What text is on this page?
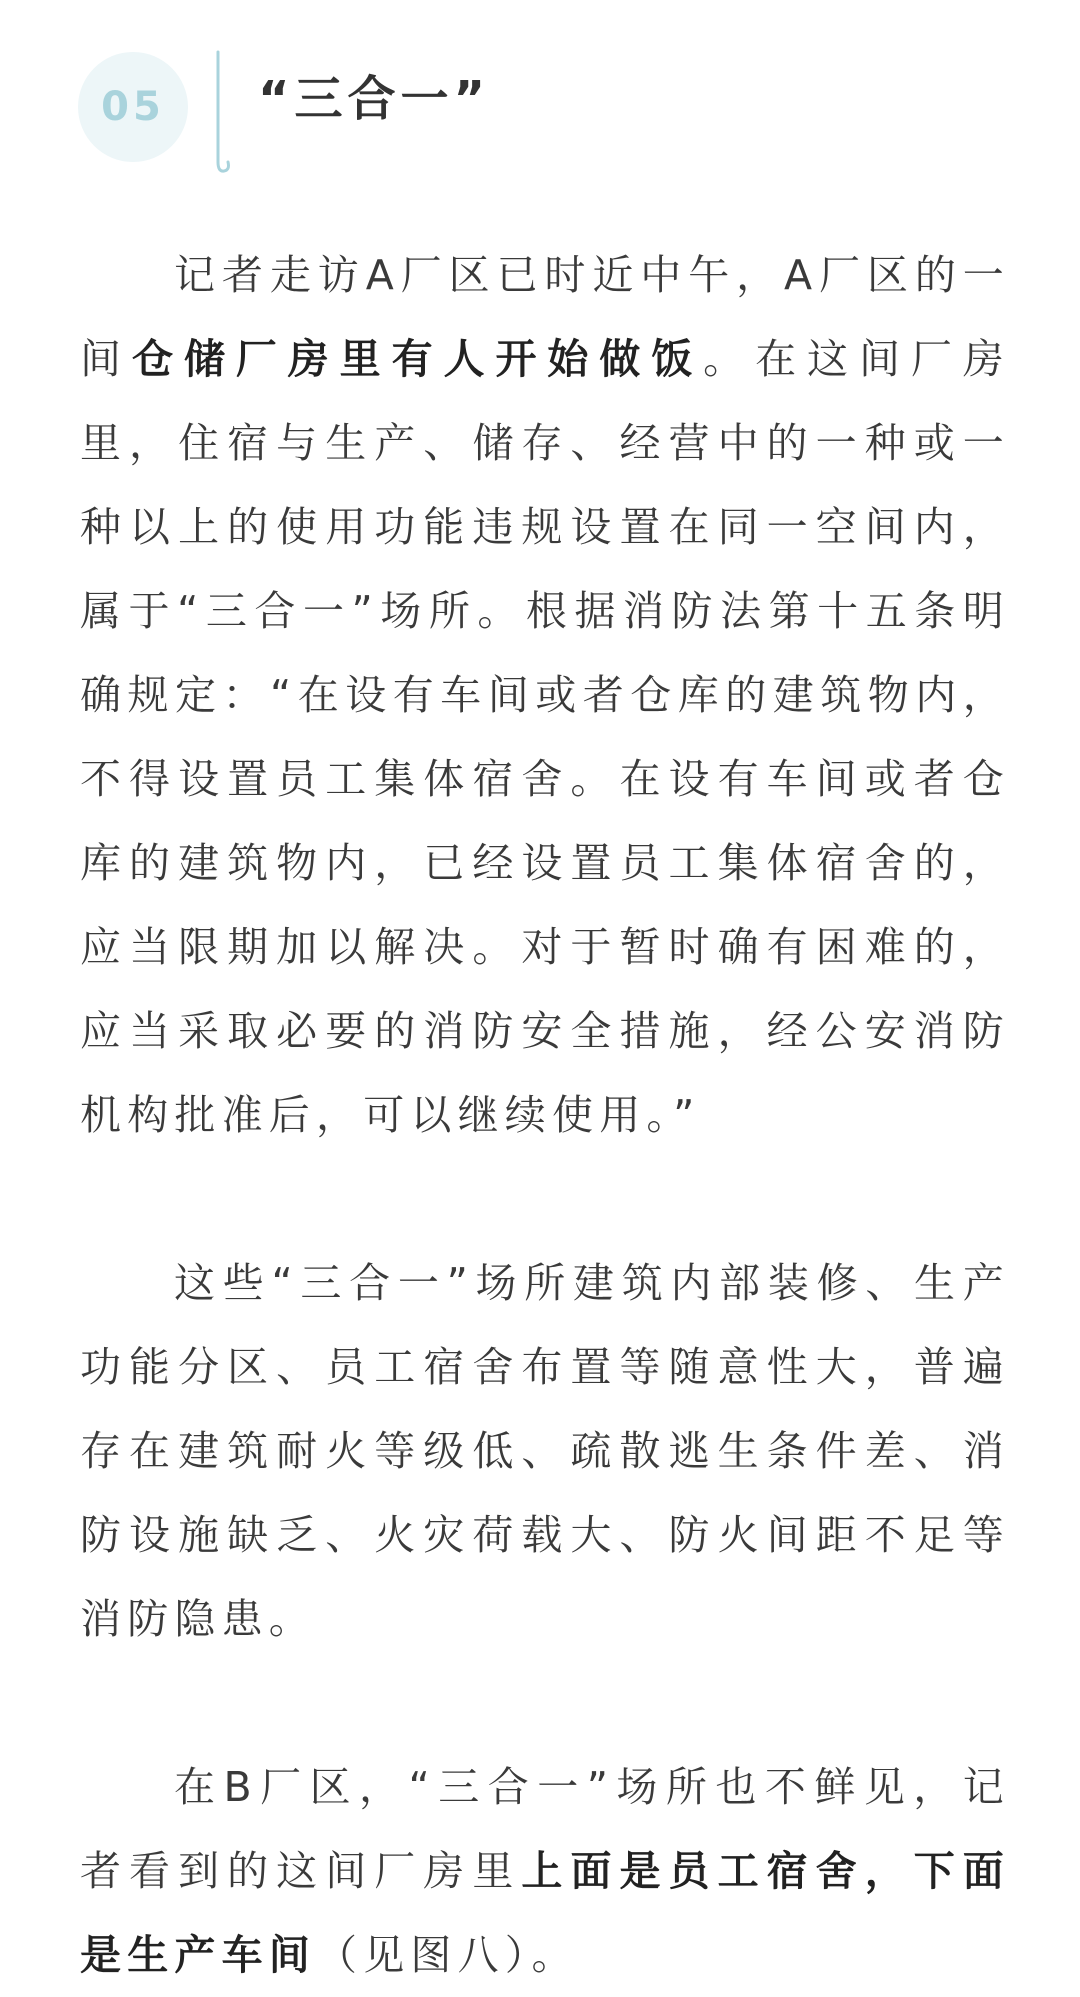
05	“三合一”

记者走访A厂区已时近中午，A厂区的一间仓储厂房里有人开始做饭。在这间厂房里，住宿与生产、储存、经营中的一种或一种以上的使用功能违规设置在同一空间内，属于“三合一”场所。根据消防法第十五条明确规定：“在设有车间或者仓库的建筑物内，不得设置员工集体宿舍。在设有车间或者仓库的建筑物内，已经设置员工集体宿舍的，应当限期加以解决。对于暂时确有困难的，应当采取必要的消防安全措施，经公安消防机构批准后，可以继续使用。”

这些“三合一”场所建筑内部装修、生产功能分区、员工宿舍布置等随意性大，普遍存在建筑耐火等级低、疏散逃生条件差、消防设施缺乏、火灾荷载大、防火间距不足等消防隐患。

在B厂区，“三合一”场所也不鲜见，记者看到的这间厂房里上面是员工宿舍，下面是生产车间（见图八）。
